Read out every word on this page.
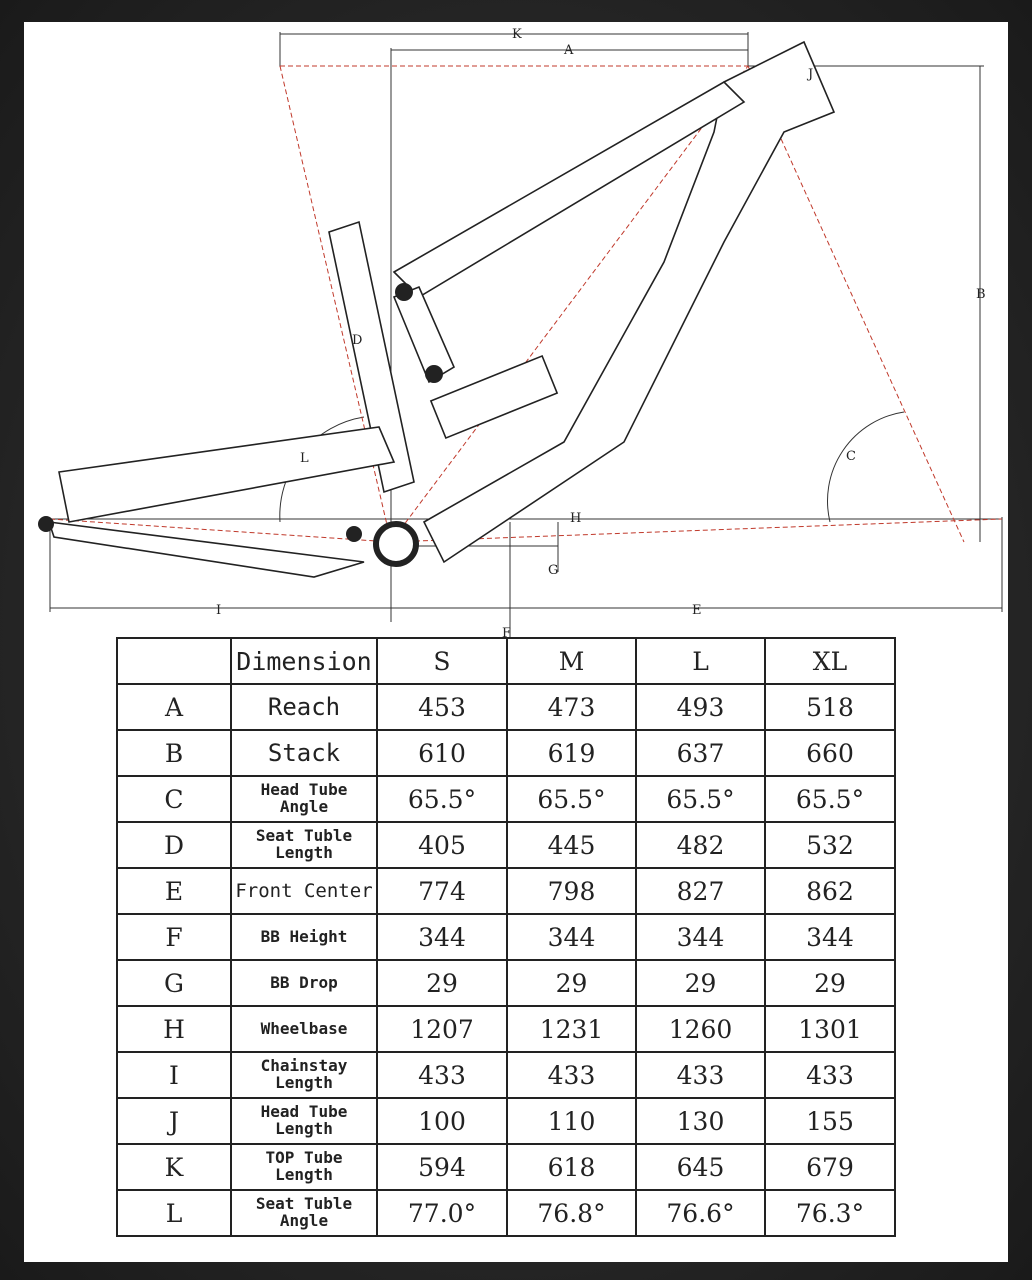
K
A
B
C
D
E
F
G
H
I
J
L
	Dimension	S	M	L	XL
A	Reach	453	473	493	518
B	Stack	610	619	637	660
C	Head Tube Angle	65.5°	65.5°	65.5°	65.5°
D	Seat Tuble Length	405	445	482	532
E	Front Center	774	798	827	862
F	BB Height	344	344	344	344
G	BB Drop	29	29	29	29
H	Wheelbase	1207	1231	1260	1301
I	Chainstay Length	433	433	433	433
J	Head Tube Length	100	110	130	155
K	TOP Tube Length	594	618	645	679
L	Seat Tuble Angle	77.0°	76.8°	76.6°	76.3°
